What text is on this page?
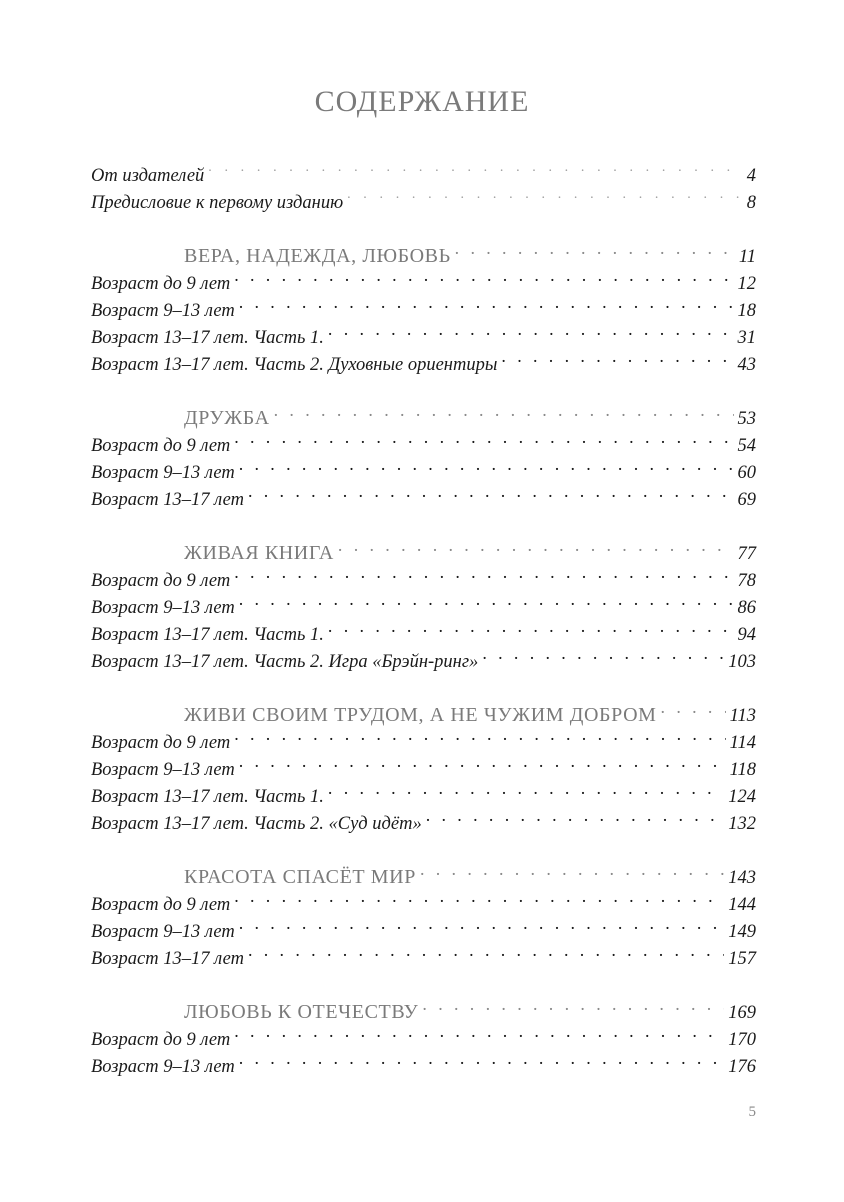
СОДЕРЖАНИЕ
От издателей . . .	4
Предисловие к первому изданию . . .	8
ВЕРА, НАДЕЖДА, ЛЮБОВЬ . . .	11
Возраст до 9 лет . . .	12
Возраст 9–13 лет . . .	18
Возраст 13–17 лет. Часть 1. . . .	31
Возраст 13–17 лет. Часть 2. Духовные ориентиры . . .	43
ДРУЖБА . . .	53
Возраст до 9 лет . . .	54
Возраст 9–13 лет . . .	60
Возраст 13–17 лет . . .	69
ЖИВАЯ КНИГА . . .	77
Возраст до 9 лет . . .	78
Возраст 9–13 лет . . .	86
Возраст 13–17 лет. Часть 1. . . .	94
Возраст 13–17 лет. Часть 2. Игра «Брэйн-ринг» . . .	103
ЖИВИ СВОИМ ТРУДОМ, А НЕ ЧУЖИМ ДОБРОМ . . .	113
Возраст до 9 лет . . .	114
Возраст 9–13 лет . . .	118
Возраст 13–17 лет. Часть 1. . . .	124
Возраст 13–17 лет. Часть 2. «Суд идёт» . . .	132
КРАСОТА СПАСЁТ МИР . . .	143
Возраст до 9 лет . . .	144
Возраст 9–13 лет . . .	149
Возраст 13–17 лет . . .	157
ЛЮБОВЬ К ОТЕЧЕСТВУ . . .	169
Возраст до 9 лет . . .	170
Возраст 9–13 лет . . .	176
5
